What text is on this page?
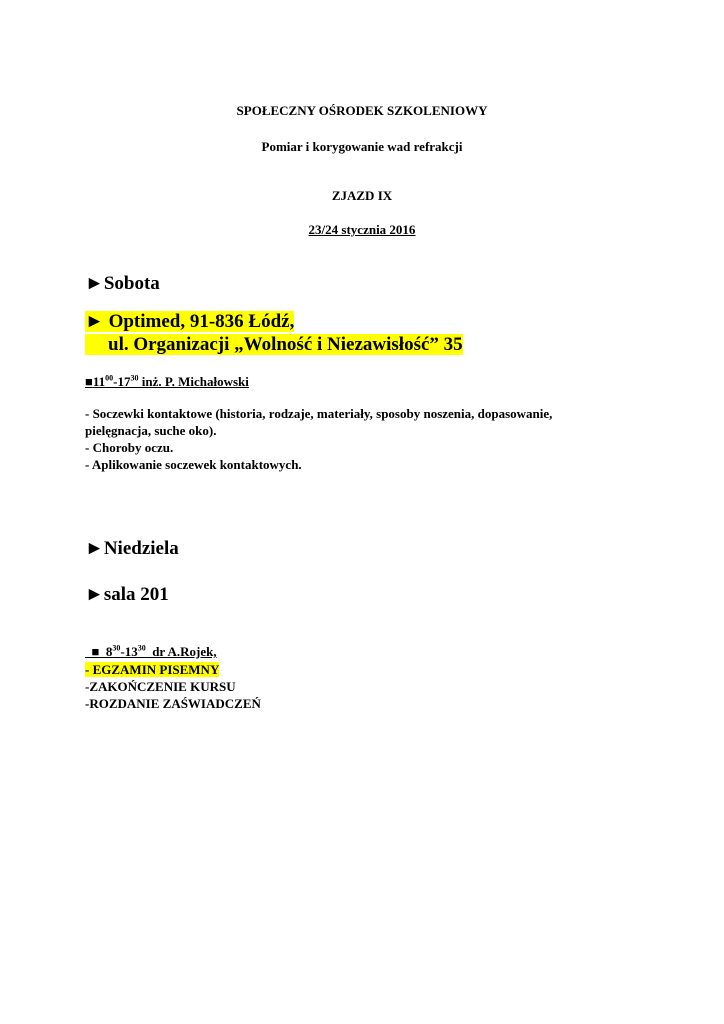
SPOŁECZNY OŚRODEK SZKOLENIOWY
Pomiar i korygowanie wad refrakcji
ZJAZD IX
23/24 stycznia 2016
►Sobota
► Optimed, 91-836 Łódź,
ul. Organizacji „Wolność i Niezawisłość” 35
$■11^{00}-17^{30}$ inż. P. Michałowski
- Soczewki kontaktowe (historia, rodzaje, materiały, sposoby noszenia, dopasowanie,
pielęgnacja, suche oko).
- Choroby oczu.
- Aplikowanie soczewek kontaktowych.
►Niedziela
►sala 201

■  $8^{30}-13^{30}$  dr A.Rojek,

- EGZAMIN PISEMNY
-ZAKOŃCZENIE KURSU
-ROZDANIE ZAŚWIADCZEŃ
